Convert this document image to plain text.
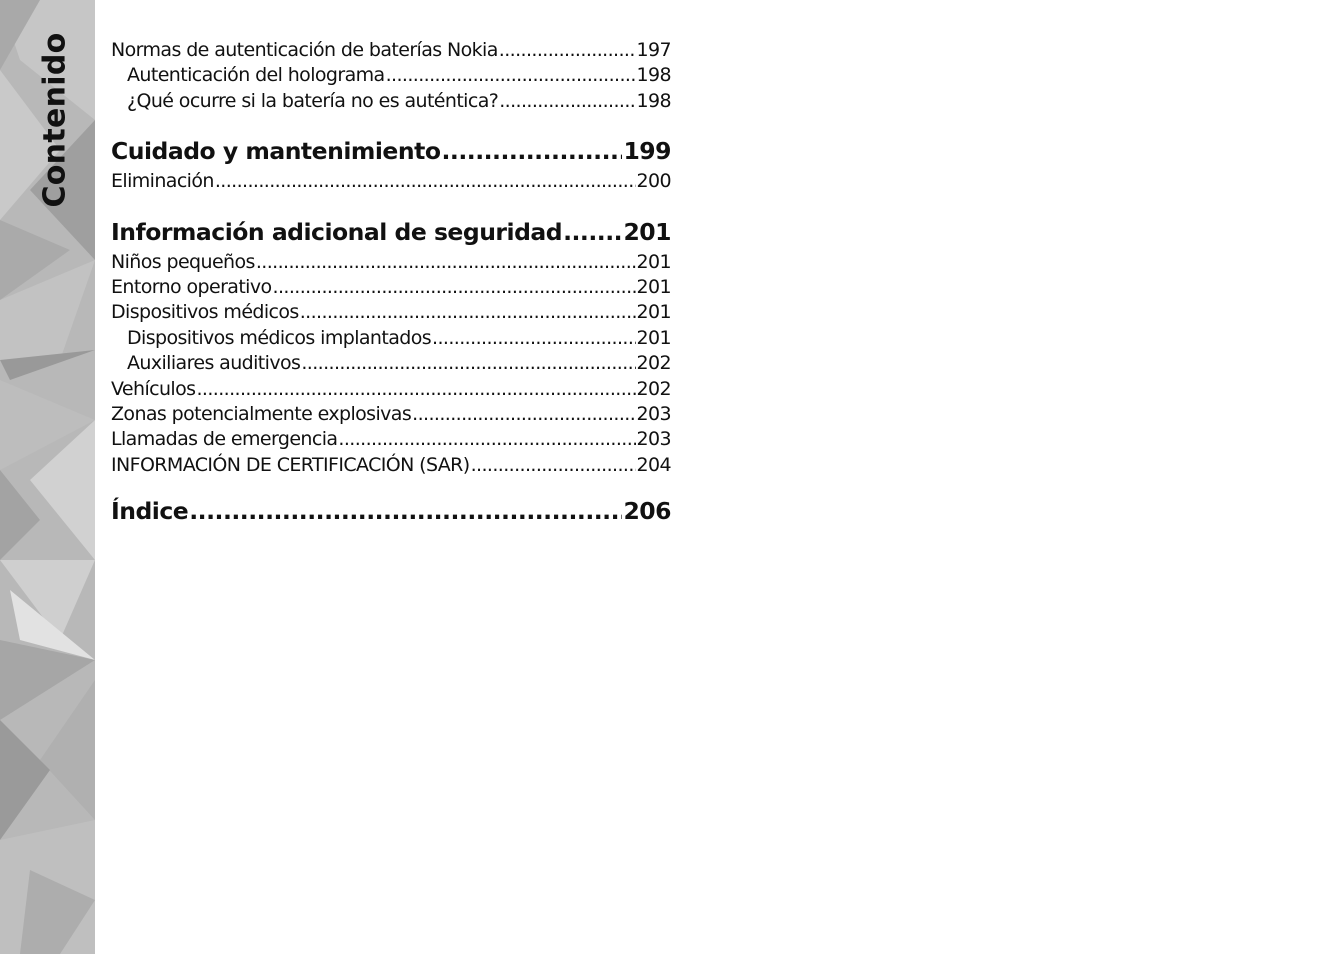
Contenido Normas de autenticación de baterías Nokia .....	197
Autenticación del holograma .....	198
¿Qué ocurre si la batería no es auténtica? .....	198
Cuidado y mantenimiento .....	199
Eliminación .....	200
Información adicional de seguridad .....	201
Niños pequeños .....	201
Entorno operativo .....	201
Dispositivos médicos .....	201
Dispositivos médicos implantados .....	201
Auxiliares auditivos .....	202
Vehículos .....	202
Zonas potencialmente explosivas .....	203
Llamadas de emergencia .....	203
INFORMACIÓN DE CERTIFICACIÓN (SAR) .....	204
Índice .....	206
